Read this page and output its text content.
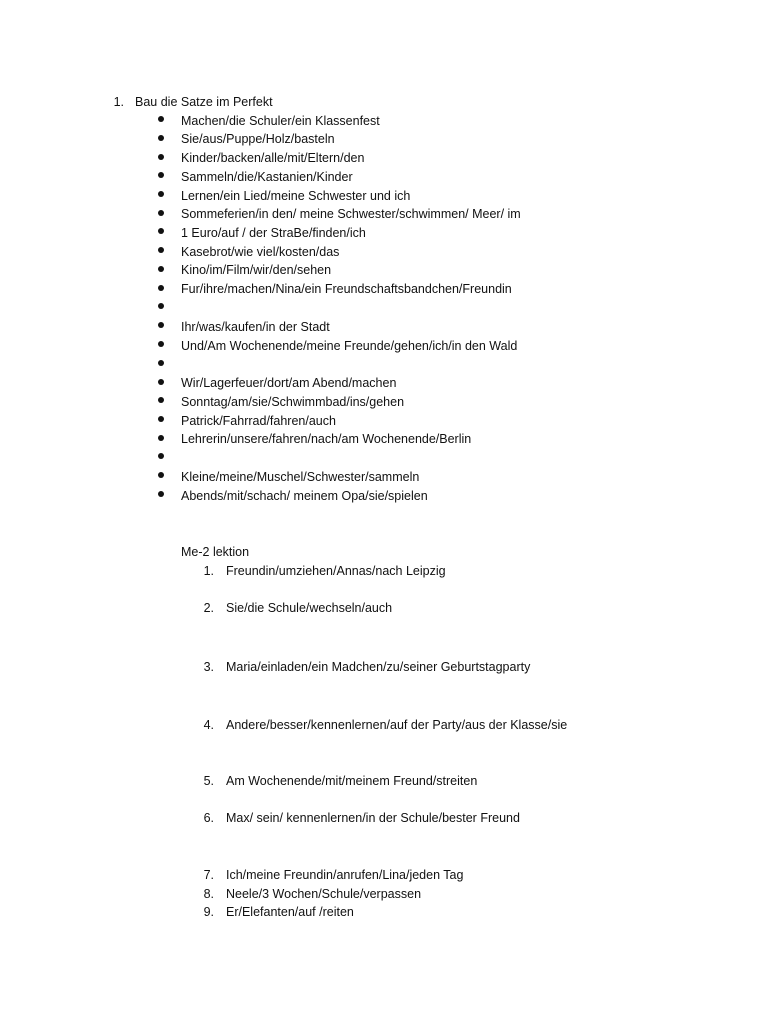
1. Bau die Satze im Perfekt
Machen/die Schuler/ein Klassenfest
Sie/aus/Puppe/Holz/basteln
Kinder/backen/alle/mit/Eltern/den
Sammeln/die/Kastanien/Kinder
Lernen/ein Lied/meine Schwester und ich
Sommeferien/in den/ meine Schwester/schwimmen/ Meer/ im
1 Euro/auf / der StraBe/finden/ich
Kasebrot/wie viel/kosten/das
Kino/im/Film/wir/den/sehen
Fur/ihre/machen/Nina/ein Freundschaftsbandchen/Freundin
Ihr/was/kaufen/in der Stadt
Und/Am Wochenende/meine Freunde/gehen/ich/in den Wald
Wir/Lagerfeuer/dort/am Abend/machen
Sonntag/am/sie/Schwimmbad/ins/gehen
Patrick/Fahrrad/fahren/auch
Lehrerin/unsere/fahren/nach/am Wochenende/Berlin
Kleine/meine/Muschel/Schwester/sammeln
Abends/mit/schach/ meinem Opa/sie/spielen
Me-2 lektion
1. Freundin/umziehen/Annas/nach Leipzig
2. Sie/die Schule/wechseln/auch
3. Maria/einladen/ein Madchen/zu/seiner Geburtstagparty
4. Andere/besser/kennenlernen/auf der Party/aus der Klasse/sie
5. Am Wochenende/mit/meinem Freund/streiten
6. Max/ sein/ kennenlernen/in der Schule/bester Freund
7. Ich/meine Freundin/anrufen/Lina/jeden Tag
8. Neele/3 Wochen/Schule/verpassen
9. Er/Elefanten/auf /reiten
